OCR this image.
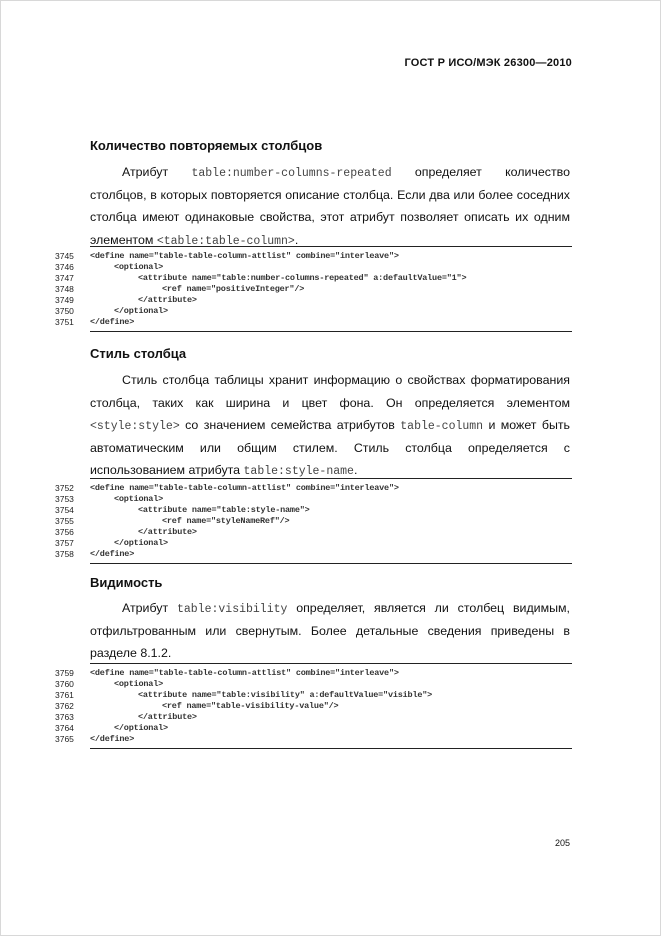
ГОСТ Р ИСО/МЭК 26300—2010
Количество повторяемых столбцов
Атрибут table:number-columns-repeated определяет количество
столбцов, в которых повторяется описание столбца. Если два или более соседних
столбца имеют одинаковые свойства, этот атрибут позволяет описать их одним
элементом <table:table-column>.
3745	<define name="table-table-column-attlist" combine="interleave">
3746	<optional>
3747	<attribute name="table:number-columns-repeated" a:defaultValue="1">
3748	<ref name="positiveInteger"/>
3749	</attribute>
3750	</optional>
3751	</define>
Стиль столбца
Стиль столбца таблицы хранит информацию о свойствах форматирования
столбца, таких как ширина и цвет фона. Он определяется элементом
<style:style> со значением семейства атрибутов table-column и может быть
автоматическим или общим стилем. Стиль столбца определяется с
использованием атрибута table:style-name.
3752	<define name="table-table-column-attlist" combine="interleave">
3753	<optional>
3754	<attribute name="table:style-name">
3755	<ref name="styleNameRef"/>
3756	</attribute>
3757	</optional>
3758	</define>
Видимость
Атрибут table:visibility определяет, является ли столбец видимым,
отфильтрованным или свернутым. Более детальные сведения приведены в
разделе 8.1.2.
3759	<define name="table-table-column-attlist" combine="interleave">
3760	<optional>
3761	<attribute name="table:visibility" a:defaultValue="visible">
3762	<ref name="table-visibility-value"/>
3763	</attribute>
3764	</optional>
3765	</define>
205
